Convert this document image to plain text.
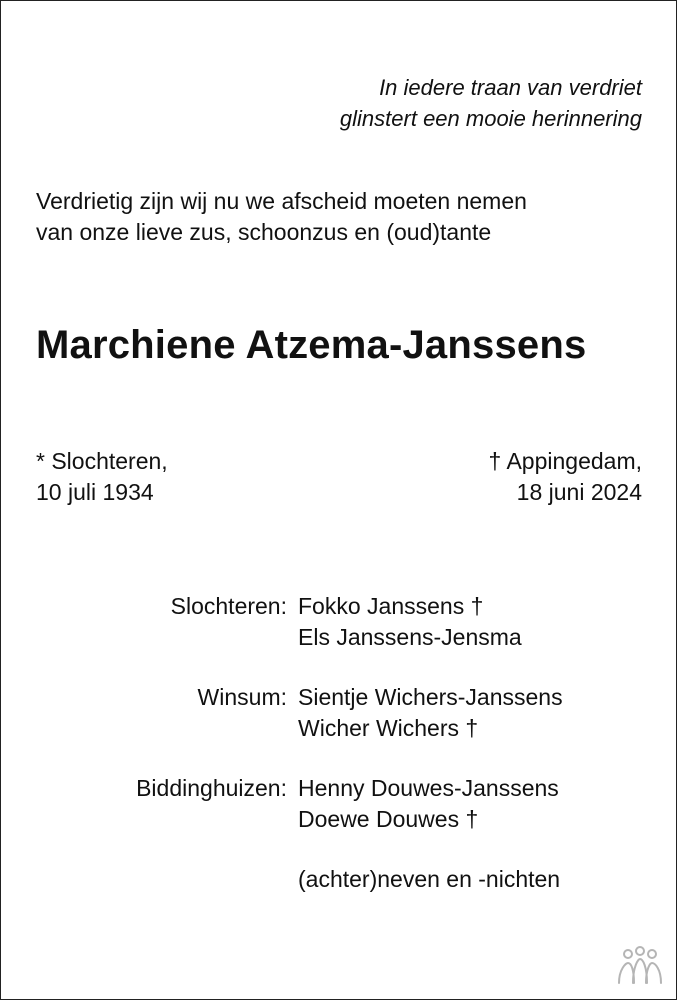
In iedere traan van verdriet
glinstert een mooie herinnering
Verdrietig zijn wij nu we afscheid moeten nemen
van onze lieve zus, schoonzus en (oud)tante
Marchiene Atzema-Janssens
* Slochteren,
10 juli 1934
† Appingedam,
18 juni 2024
Slochteren: Fokko Janssens †
Els Janssens-Jensma
Winsum: Sientje Wichers-Janssens
Wicher Wichers †
Biddinghuizen: Henny Douwes-Janssens
Doewe Douwes †
(achter)neven en -nichten
